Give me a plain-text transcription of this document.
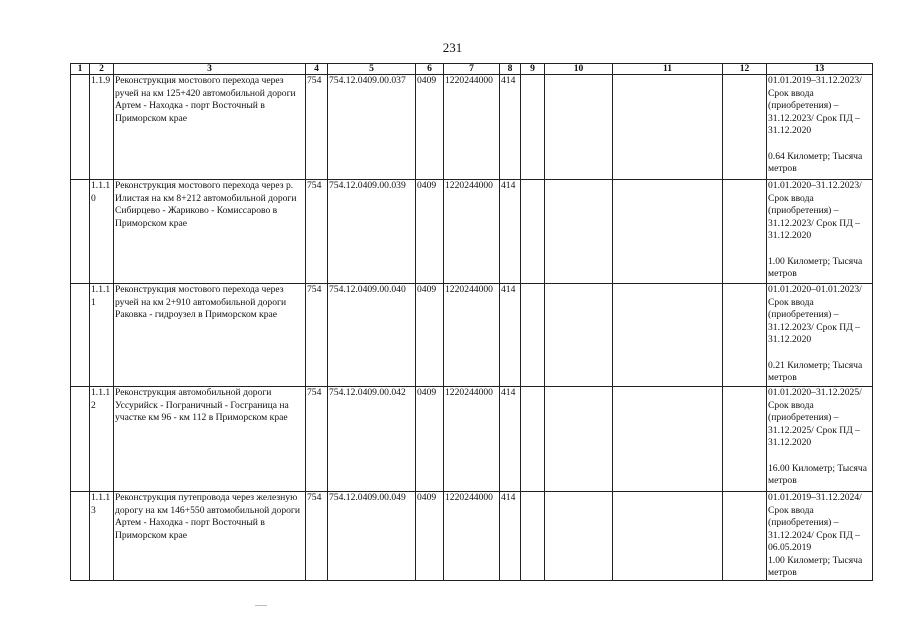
231
1	2	3	4	5	6	7	8	9	10	11	12	13
	1.1.9	Реконструкция мостового перехода через ручей на км 125+420 автомобильной дороги Артем - Находка - порт Восточный в Приморском крае	754	754.12.0409.00.037	0409	1220244000	414					01.01.2019–31.12.2023/ Срок ввода (приобретения) – 31.12.2023/ Срок ПД – 31.12.2020
0.64 Километр; Тысяча метров

	1.1.10	Реконструкция мостового перехода через р. Илистая на км 8+212 автомобильной дороги Сибирцево - Жариково - Комиссарово в Приморском крае	754	754.12.0409.00.039	0409	1220244000	414					01.01.2020–31.12.2023/ Срок ввода (приобретения) – 31.12.2023/ Срок ПД – 31.12.2020
1.00 Километр; Тысяча метров

	1.1.11	Реконструкция мостового перехода через ручей на км 2+910 автомобильной дороги Раковка - гидроузел в Приморском крае	754	754.12.0409.00.040	0409	1220244000	414					01.01.2020–01.01.2023/ Срок ввода (приобретения) – 31.12.2023/ Срок ПД – 31.12.2020
0.21 Километр; Тысяча метров

	1.1.12	Реконструкция автомобильной дороги Уссурийск - Пограничный - Госграница на участке км 96 - км 112 в Приморском крае	754	754.12.0409.00.042	0409	1220244000	414					01.01.2020–31.12.2025/ Срок ввода (приобретения) – 31.12.2025/ Срок ПД – 31.12.2020
16.00 Километр; Тысяча метров

	1.1.13	Реконструкция путепровода через железную дорогу на км 146+550 автомобильной дороги Артем - Находка - порт Восточный в Приморском крае	754	754.12.0409.00.049	0409	1220244000	414					01.01.2019–31.12.2024/ Срок ввода (приобретения) – 31.12.2024/ Срок ПД – 06.05.2019
1.00 Километр; Тысяча метров
